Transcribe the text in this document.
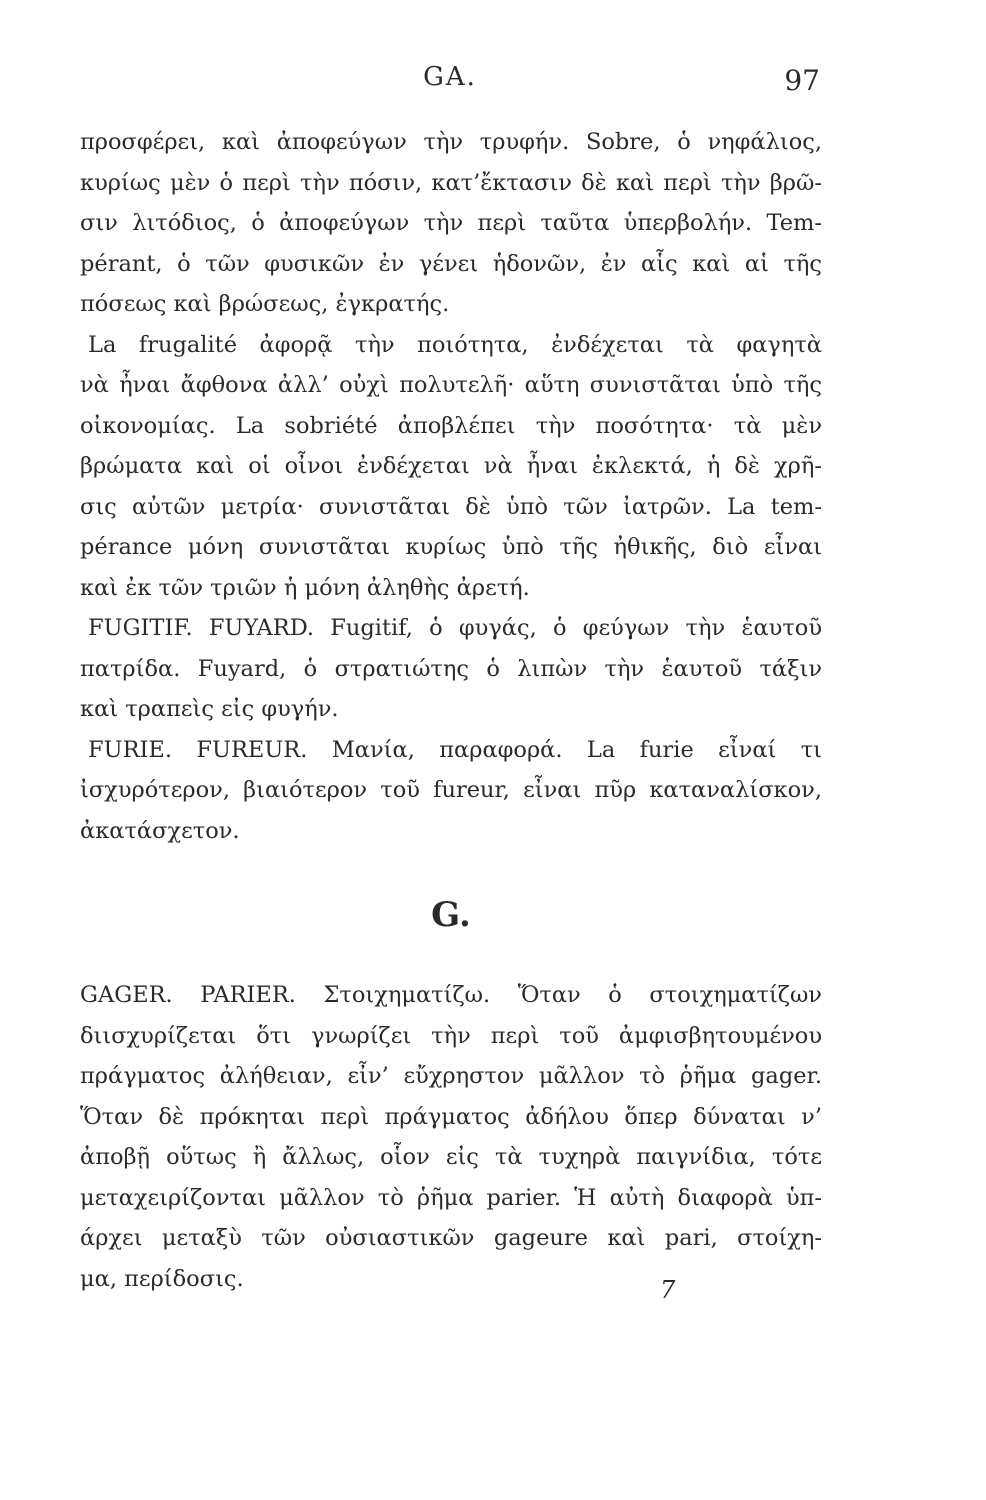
GA.	97
προσφέρει, καὶ ἀποφεύγων τὴν τρυφήν. Sobre, ὁ νηφάλιος,
κυρίως μὲν ὁ περὶ τὴν πόσιν, κατ’ἔκτασιν δὲ καὶ περὶ τὴν βρῶ-
σιν λιτόδιος, ὁ ἀποφεύγων τὴν περὶ ταῦτα ὑπερβολήν. Tem-
pérant, ὁ τῶν φυσικῶν ἐν γένει ἡδονῶν, ἐν αἷς καὶ αἱ τῆς
πόσεως καὶ βρώσεως, ἐγκρατής.
La frugalité ἀφορᾷ τὴν ποιότητα, ἐνδέχεται τὰ φαγητὰ
νὰ ἦναι ἄφθονα ἀλλ’ οὐχὶ πολυτελῆ· αὕτη συνιστᾶται ὑπὸ τῆς
οἰκονομίας. La sobriété ἀποβλέπει τὴν ποσότητα· τὰ μὲν
βρώματα καὶ οἱ οἶνοι ἐνδέχεται νὰ ἦναι ἐκλεκτά, ἡ δὲ χρῆ-
σις αὐτῶν μετρία· συνιστᾶται δὲ ὑπὸ τῶν ἰατρῶν. La tem-
pérance μόνη συνιστᾶται κυρίως ὑπὸ τῆς ἠθικῆς, διὸ εἶναι
καὶ ἐκ τῶν τριῶν ἡ μόνη ἀληθὴς ἀρετή.
FUGITIF. FUYARD. Fugitif, ὁ φυγάς, ὁ φεύγων τὴν ἑαυτοῦ
πατρίδα. Fuyard, ὁ στρατιώτης ὁ λιπὼν τὴν ἑαυτοῦ τάξιν
καὶ τραπεὶς εἰς φυγήν.
FURIE. FUREUR. Μανία, παραφορά. La furie εἶναί τι
ἰσχυρότερον, βιαιότερον τοῦ fureur, εἶναι πῦρ καταναλίσκον,
ἀκατάσχετον.
G.
GAGER. PARIER. Στοιχηματίζω. Ὅταν ὁ στοιχηματίζων
διισχυρίζεται ὅτι γνωρίζει τὴν περὶ τοῦ ἀμφισβητουμένου
πράγματος ἀλήθειαν, εἶν’ εὔχρηστον μᾶλλον τὸ ῥῆμα gager.
Ὅταν δὲ πρόκηται περὶ πράγματος ἀδήλου ὅπερ δύναται ν’
ἀποβῇ οὕτως ἢ ἄλλως, οἷον εἰς τὰ τυχηρὰ παιγνίδια, τότε
μεταχειρίζονται μᾶλλον τὸ ῥῆμα parier. Ἡ αὐτὴ διαφορὰ ὑπ-
άρχει μεταξὺ τῶν οὐσιαστικῶν gageure καὶ pari, στοίχη-
μα, περίδοσις.	7
